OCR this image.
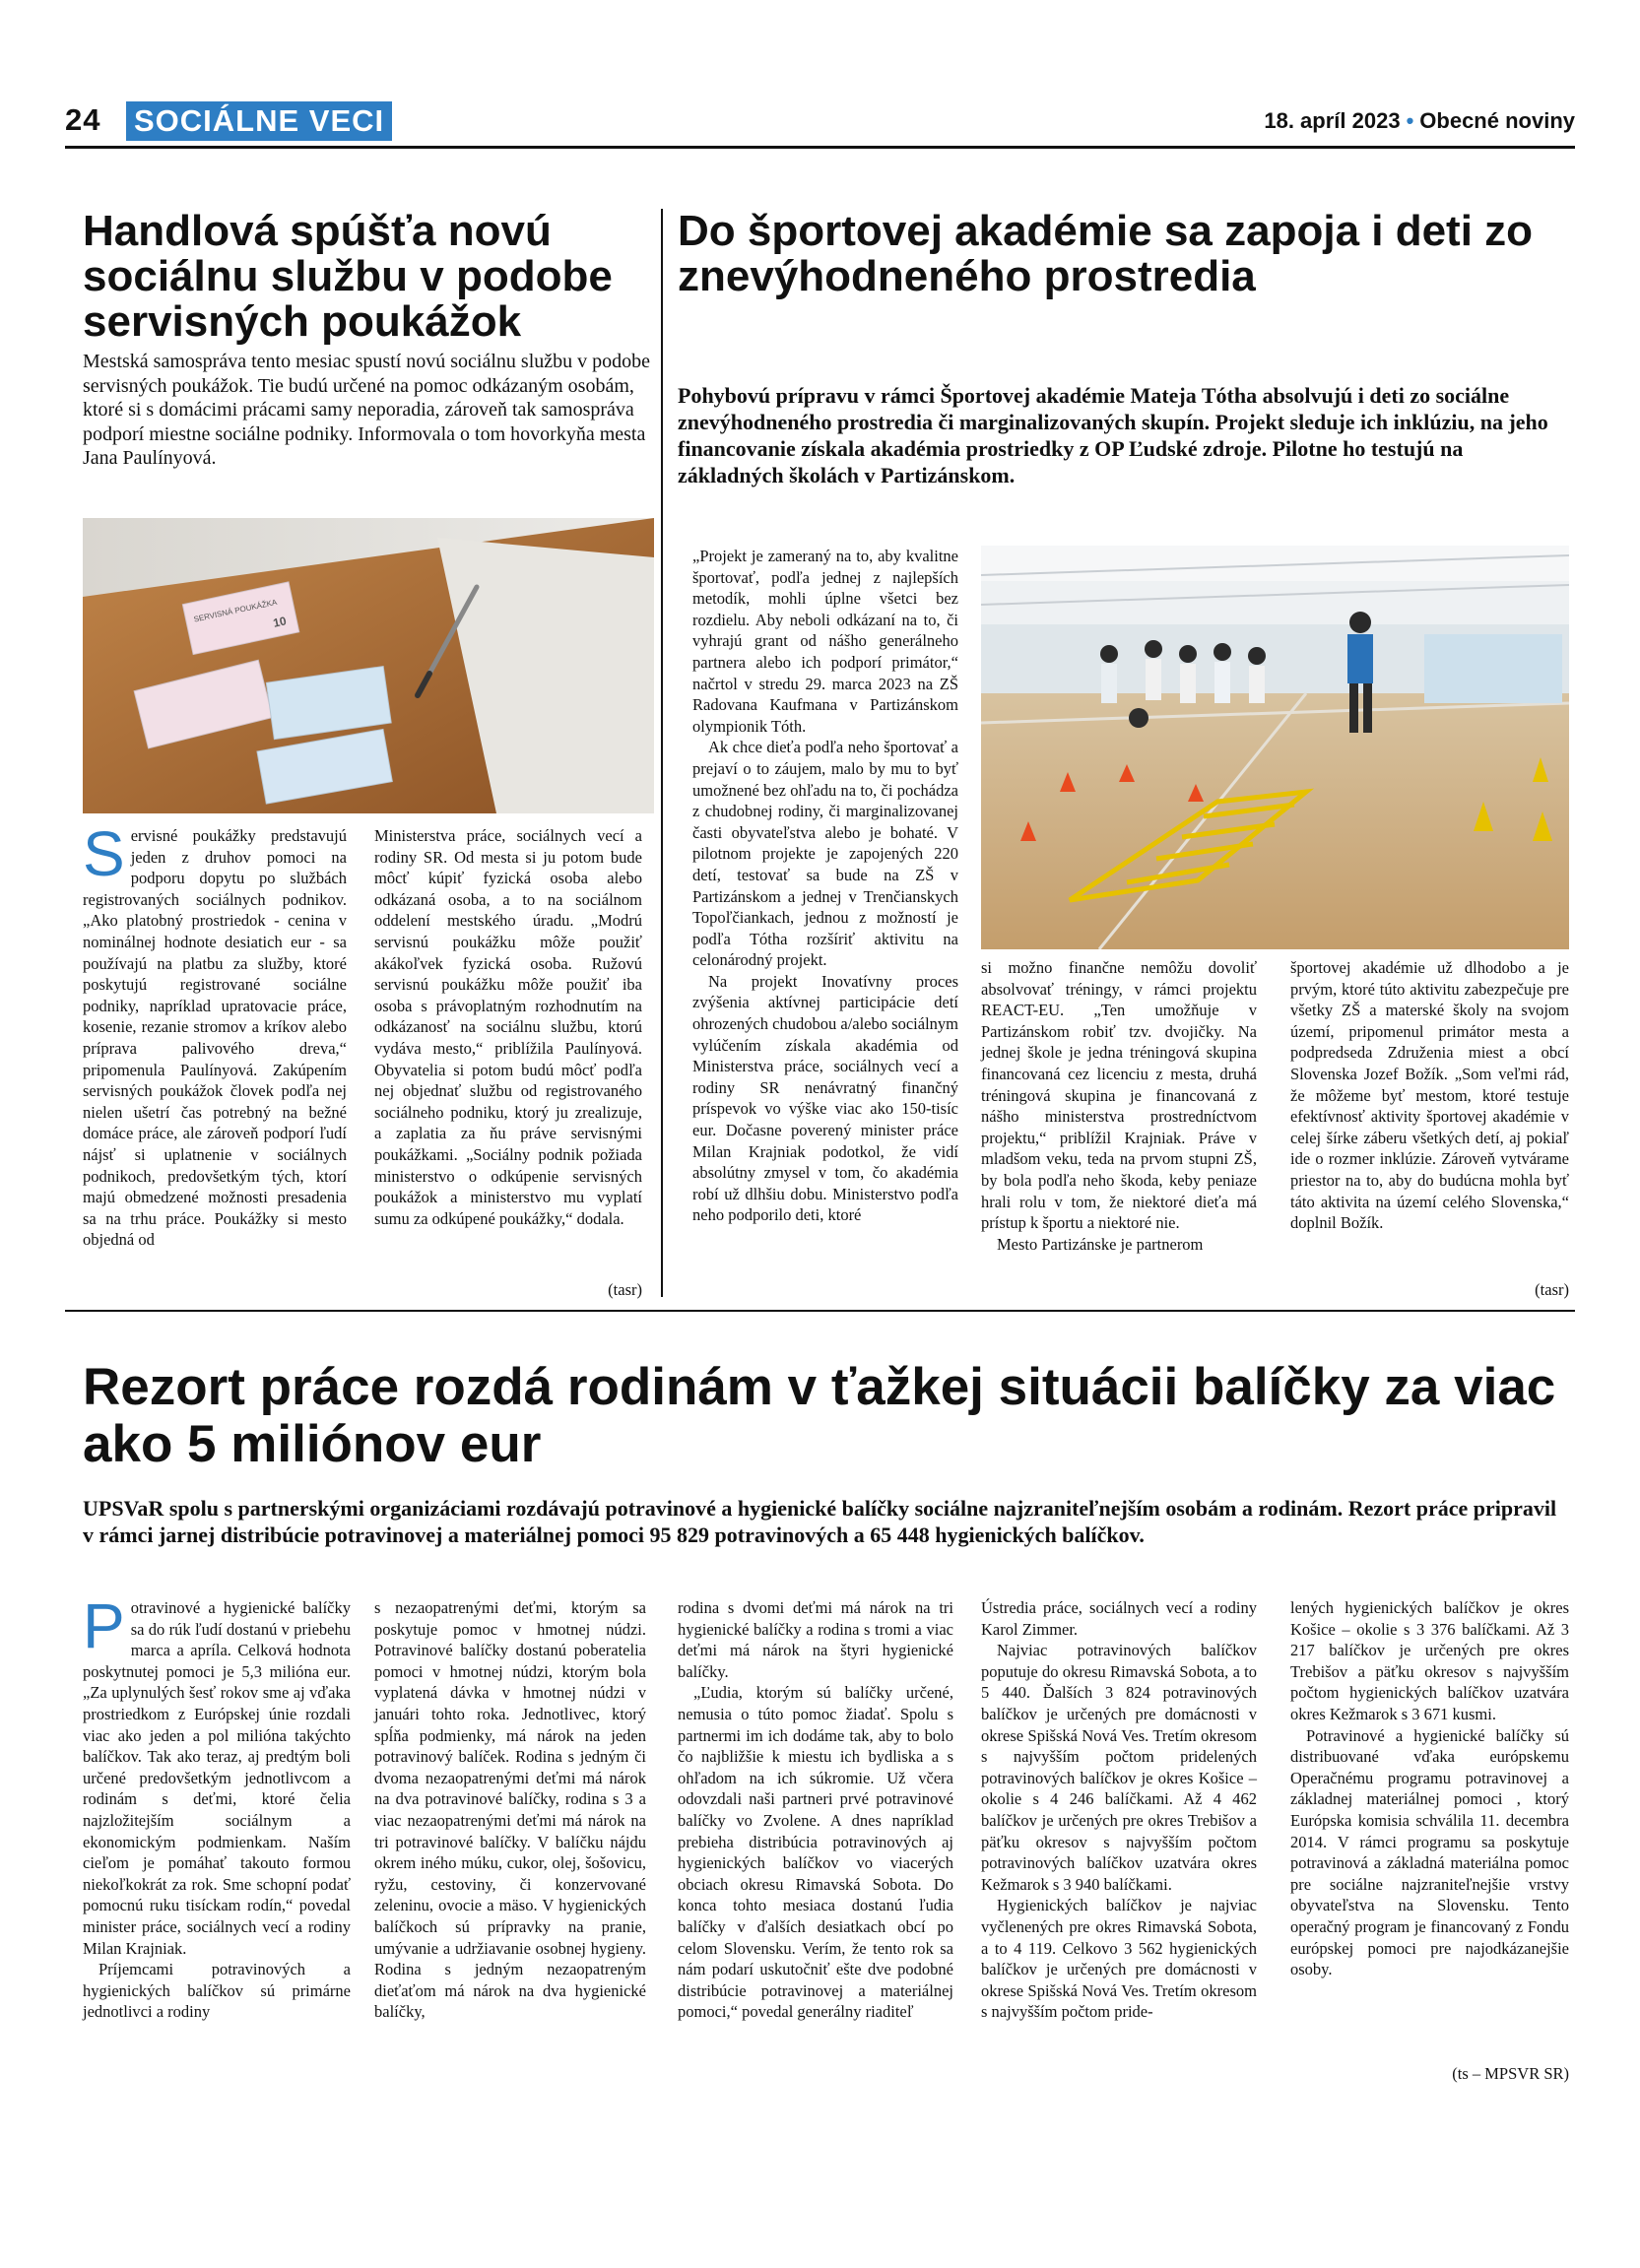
24 SOCIÁLNE VECI	18. apríl 2023 • Obecné noviny
Handlová spúšťa novú sociálnu službu v podobe servisných poukážok
Mestská samospráva tento mesiac spustí novú sociálnu službu v podobe servisných poukážok. Tie budú určené na pomoc odkázaným osobám, ktoré si s domácimi prácami samy neporadia, zároveň tak samospráva podporí miestne sociálne podniky. Informovala o tom hovorkyňa mesta Jana Paulínyová.
SERVISNÁ POUKÁŽKA
10

Servisné poukážky predstavujú jeden z druhov pomoci na podporu dopytu po službách registrovaných sociálnych podnikov. „Ako platobný prostriedok - cenina v nominálnej hodnote desiatich eur - sa používajú na platbu za služby, ktoré poskytujú registrované sociálne podniky, napríklad upratovacie práce, kosenie, rezanie stromov a kríkov alebo príprava palivového dreva,“ pripomenula Paulínyová. Zakúpením servisných poukážok človek podľa nej nielen ušetrí čas potrebný na bežné domáce práce, ale zároveň podporí ľudí nájsť si uplatnenie v sociálnych podnikoch, predovšetkým tých, ktorí majú obmedzené možnosti presadenia sa na trhu práce. Poukážky si mesto objedná od

Ministerstva práce, sociálnych vecí a rodiny SR. Od mesta si ju potom bude môcť kúpiť fyzická osoba alebo odkázaná osoba, a to na sociálnom oddelení mestského úradu. „Modrú servisnú poukážku môže použiť akákoľvek fyzická osoba. Ružovú servisnú poukážku môže použiť iba osoba s právoplatným rozhodnutím na odkázanosť na sociálnu službu, ktorú vydáva mesto,“ priblížila Paulínyová. Obyvatelia si potom budú môcť podľa nej objednať službu od registrovaného sociálneho podniku, ktorý ju zrealizuje, a zaplatia za ňu práve servisnými poukážkami. „Sociálny podnik požiada ministerstvo o odkúpenie servisných poukážok a ministerstvo mu vyplatí sumu za odkúpené poukážky,“ dodala.

(tasr)
Do športovej akadémie sa zapoja i deti zo znevýhodneného prostredia
Pohybovú prípravu v rámci Športovej akadémie Mateja Tótha absolvujú i deti zo sociálne znevýhodneného prostredia či marginalizovaných skupín. Projekt sleduje ich inklúziu, na jeho financovanie získala akadémia prostriedky z OP Ľudské zdroje. Pilotne ho testujú na základných školách v Partizánskom.

„Projekt je zameraný na to, aby kvalitne športovať, podľa jednej z najlepších metodík, mohli úplne všetci bez rozdielu. Aby neboli odkázaní na to, či vyhrajú grant od nášho generálneho partnera alebo ich podporí primátor,“ načrtol v stredu 29. marca 2023 na ZŠ Radovana Kaufmana v Partizánskom olympionik Tóth.

Ak chce dieťa podľa neho športovať a prejaví o to záujem, malo by mu to byť umožnené bez ohľadu na to, či pochádza z chudobnej rodiny, či marginalizovanej časti obyvateľstva alebo je bohaté. V pilotnom projekte je zapojených 220 detí, testovať sa bude na ZŠ v Partizánskom a jednej v Trenčianskych Topoľčiankach, jednou z možností je podľa Tótha rozšíriť aktivitu na celonárodný projekt.

Na projekt Inovatívny proces zvýšenia aktívnej participácie detí ohrozených chudobou a/alebo sociálnym vylúčením získala akadémia od Ministerstva práce, sociálnych vecí a rodiny SR nenávratný finančný príspevok vo výške viac ako 150-tisíc eur. Dočasne poverený minister práce Milan Krajniak podotkol, že vidí absolútny zmysel v tom, čo akadémia robí už dlhšiu dobu. Ministerstvo podľa neho podporilo deti, ktoré

si možno finančne nemôžu dovoliť absolvovať tréningy, v rámci projektu REACT-EU. „Ten umožňuje v Partizánskom robiť tzv. dvojičky. Na jednej škole je jedna tréningová skupina financovaná cez licenciu z mesta, druhá tréningová skupina je financovaná z nášho ministerstva prostredníctvom projektu,“ priblížil Krajniak. Práve v mladšom veku, teda na prvom stupni ZŠ, by bola podľa neho škoda, keby peniaze hrali rolu v tom, že niektoré dieťa má prístup k športu a niektoré nie.

Mesto Partizánske je partnerom

športovej akadémie už dlhodobo a je prvým, ktoré túto aktivitu zabezpečuje pre všetky ZŠ a materské školy na svojom území, pripomenul primátor mesta a podpredseda Združenia miest a obcí Slovenska Jozef Božík. „Som veľmi rád, že môžeme byť mestom, ktoré testuje efektívnosť aktivity športovej akadémie v celej šírke záberu všetkých detí, aj pokiaľ ide o rozmer inklúzie. Zároveň vytvárame priestor na to, aby do budúcna mohla byť táto aktivita na území celého Slovenska,“ doplnil Božík.

(tasr)
Rezort práce rozdá rodinám v ťažkej situácii balíčky za viac ako 5 miliónov eur
UPSVaR spolu s partnerskými organizáciami rozdávajú potravinové a hygienické balíčky sociálne najzraniteľnejším osobám a rodinám. Rezort práce pripravil v rámci jarnej distribúcie potravinovej a materiálnej pomoci 95 829 potravinových a 65 448 hygienických balíčkov.

Potravinové a hygienické balíčky sa do rúk ľudí dostanú v priebehu marca a apríla. Celková hodnota poskytnutej pomoci je 5,3 milióna eur. „Za uplynulých šesť rokov sme aj vďaka prostriedkom z Európskej únie rozdali viac ako jeden a pol milióna takýchto balíčkov. Tak ako teraz, aj predtým boli určené predovšetkým jednotlivcom a rodinám s deťmi, ktoré čelia najzložitejším sociálnym a ekonomickým podmienkam. Naším cieľom je pomáhať takouto formou niekoľkokrát za rok. Sme schopní podať pomocnú ruku tisíckam rodín,“ povedal minister práce, sociálnych vecí a rodiny Milan Krajniak.

Príjemcami potravinových a hygienických balíčkov sú primárne jednotlivci a rodiny

s nezaopatrenými deťmi, ktorým sa poskytuje pomoc v hmotnej núdzi. Potravinové balíčky dostanú poberatelia pomoci v hmotnej núdzi, ktorým bola vyplatená dávka v hmotnej núdzi v januári tohto roka. Jednotlivec, ktorý spĺňa podmienky, má nárok na jeden potravinový balíček. Rodina s jedným či dvoma nezaopatrenými deťmi má nárok na dva potravinové balíčky, rodina s 3 a viac nezaopatrenými deťmi má nárok na tri potravinové balíčky. V balíčku nájdu okrem iného múku, cukor, olej, šošovicu, ryžu, cestoviny, či konzervované zeleninu, ovocie a mäso. V hygienických balíčkoch sú prípravky na pranie, umývanie a udržiavanie osobnej hygieny. Rodina s jedným nezaopatreným dieťaťom má nárok na dva hygienické balíčky,

rodina s dvomi deťmi má nárok na tri hygienické balíčky a rodina s tromi a viac deťmi má nárok na štyri hygienické balíčky.

„Ľudia, ktorým sú balíčky určené, nemusia o túto pomoc žiadať. Spolu s partnermi im ich dodáme tak, aby to bolo čo najbližšie k miestu ich bydliska a s ohľadom na ich súkromie. Už včera odovzdali naši partneri prvé potravinové balíčky vo Zvolene. A dnes napríklad prebieha distribúcia potravinových aj hygienických balíčkov vo viacerých obciach okresu Rimavská Sobota. Do konca tohto mesiaca dostanú ľudia balíčky v ďalších desiatkach obcí po celom Slovensku. Verím, že tento rok sa nám podarí uskutočniť ešte dve podobné distribúcie potravinovej a materiálnej pomoci,“ povedal generálny riaditeľ

Ústredia práce, sociálnych vecí a rodiny Karol Zimmer.

Najviac potravinových balíčkov poputuje do okresu Rimavská Sobota, a to 5 440. Ďalších 3 824 potravinových balíčkov je určených pre domácnosti v okrese Spišská Nová Ves. Tretím okresom s najvyšším počtom pridelených potravinových balíčkov je okres Košice – okolie s 4 246 balíčkami. Až 4 462 balíčkov je určených pre okres Trebišov a päťku okresov s najvyšším počtom potravinových balíčkov uzatvára okres Kežmarok s 3 940 balíčkami.

Hygienických balíčkov je najviac vyčlenených pre okres Rimavská Sobota, a to 4 119. Celkovo 3 562 hygienických balíčkov je určených pre domácnosti v okrese Spišská Nová Ves. Tretím okresom s najvyšším počtom pride-

lených hygienických balíčkov je okres Košice – okolie s 3 376 balíčkami. Až 3 217 balíčkov je určených pre okres Trebišov a päťku okresov s najvyšším počtom hygienických balíčkov uzatvára okres Kežmarok s 3 671 kusmi.

Potravinové a hygienické balíčky sú distribuované vďaka európskemu Operačnému programu potravinovej a základnej materiálnej pomoci , ktorý Európska komisia schválila 11. decembra 2014. V rámci programu sa poskytuje potravinová a základná materiálna pomoc pre sociálne najzraniteľnejšie vrstvy obyvateľstva na Slovensku. Tento operačný program je financovaný z Fondu európskej pomoci pre najodkázanejšie osoby.

(ts – MPSVR SR)
